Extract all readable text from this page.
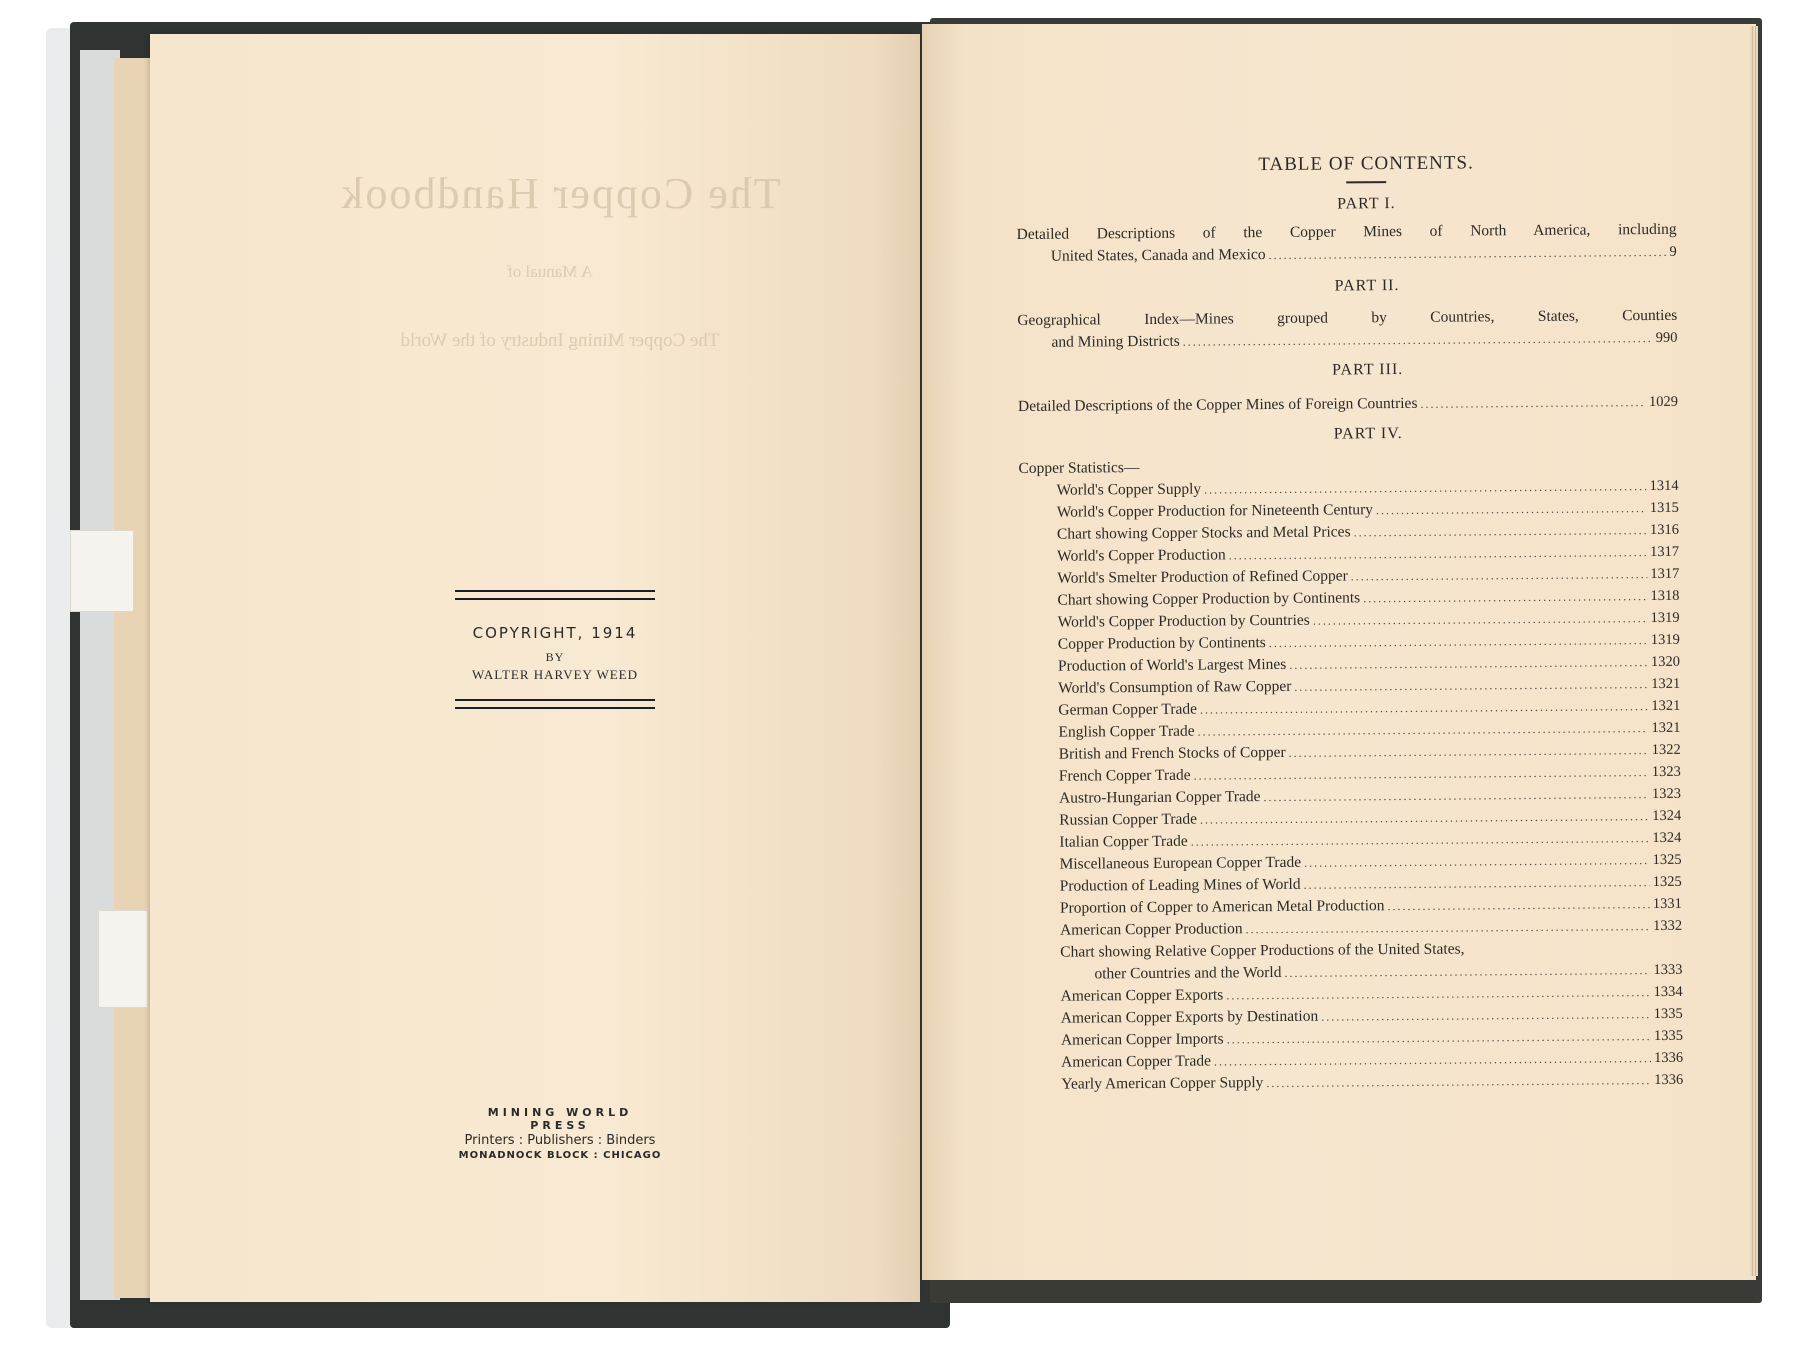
The Copper Handbook
A Manual of
The Copper Mining Industry of the World
COPYRIGHT, 1914
BY
WALTER HARVEY WEED
MINING WORLD PRESS
Printers : Publishers : Binders
MONADNOCK BLOCK : CHICAGO
TABLE OF CONTENTS.
PART I.
Detailed Descriptions of the Copper Mines of North America, including
United States, Canada and Mexico .....	9
PART II.
Geographical Index—Mines grouped by Countries, States, Counties
and Mining Districts .....	990
PART III.
Detailed Descriptions of the Copper Mines of Foreign Countries .....	1029
PART IV.
Copper Statistics—
World's Copper Supply .....	1314
World's Copper Production for Nineteenth Century .....	1315
Chart showing Copper Stocks and Metal Prices .....	1316
World's Copper Production .....	1317
World's Smelter Production of Refined Copper .....	1317
Chart showing Copper Production by Continents .....	1318
World's Copper Production by Countries .....	1319
Copper Production by Continents .....	1319
Production of World's Largest Mines .....	1320
World's Consumption of Raw Copper .....	1321
German Copper Trade .....	1321
English Copper Trade .....	1321
British and French Stocks of Copper .....	1322
French Copper Trade .....	1323
Austro-Hungarian Copper Trade .....	1323
Russian Copper Trade .....	1324
Italian Copper Trade .....	1324
Miscellaneous European Copper Trade .....	1325
Production of Leading Mines of World .....	1325
Proportion of Copper to American Metal Production .....	1331
American Copper Production .....	1332
Chart showing Relative Copper Productions of the United States,
other Countries and the World .....	1333
American Copper Exports .....	1334
American Copper Exports by Destination .....	1335
American Copper Imports .....	1335
American Copper Trade .....	1336
Yearly American Copper Supply .....	1336
